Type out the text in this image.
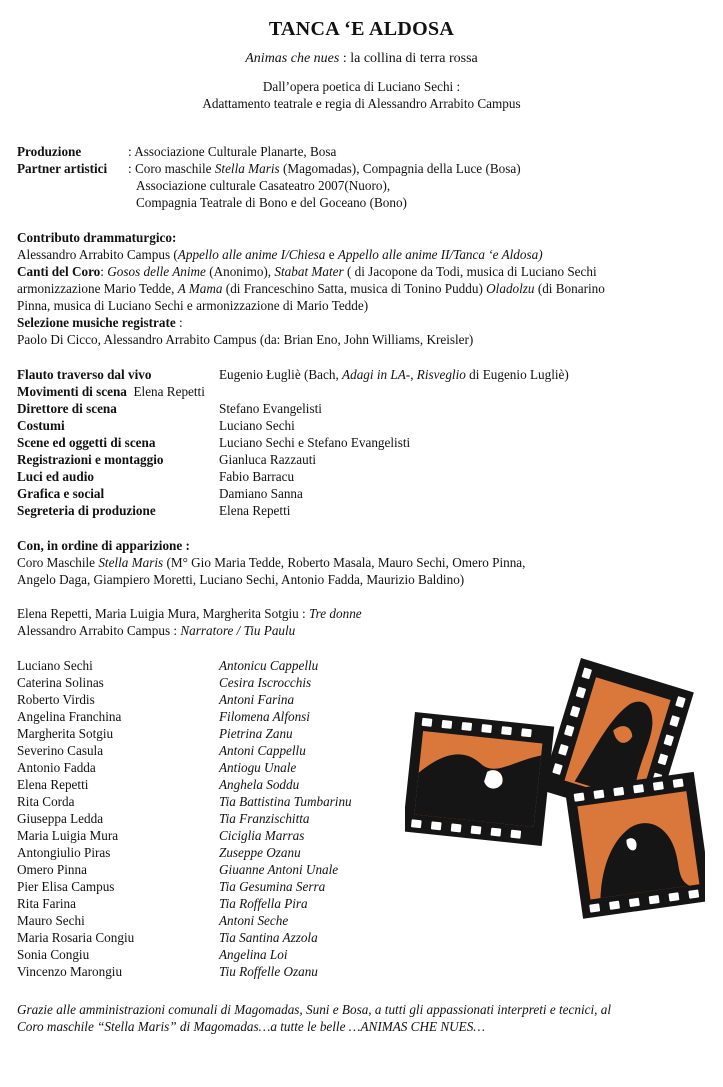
TANCA ‘E ALDOSA
Animas che nues : la collina di terra rossa
Dall’opera poetica di Luciano Sechi :
Adattamento teatrale e regia di Alessandro Arrabito Campus
Produzione	: Associazione Culturale Planarte, Bosa
Partner artistici : Coro maschile Stella Maris (Magomadas), Compagnia della Luce (Bosa)
Associazione culturale Casateatro 2007(Nuoro),
Compagnia Teatrale di Bono e del Goceano (Bono)
Contributo drammaturgico:
Alessandro Arrabito Campus (Appello alle anime I/Chiesa e Appello alle anime II/Tanca ‘e Aldosa)
Canti del Coro: Gosos delle Anime (Anonimo), Stabat Mater ( di Jacopone da Todi, musica di Luciano Sechi
armonizzazione Mario Tedde, A Mama (di Franceschino Satta, musica di Tonino Puddu) Oladolzu (di Bonarino
Pinna, musica di Luciano Sechi e armonizzazione di Mario Tedde)
Selezione musiche registrate :
Paolo Di Cicco, Alessandro Arrabito Campus (da: Brian Eno, John Williams, Kreisler)
Flauto traverso dal vivo	Eugenio Ługliè (Bach, Adagi in LA-, Risveglio di Eugenio Lugliè)
Movimenti di scena Elena Repetti
Direttore di scena	Stefano Evangelisti
Costumi	Luciano Sechi
Scene ed oggetti di scena	Luciano Sechi e Stefano Evangelisti
Registrazioni e montaggio	Gianluca Razzauti
Luci ed audio	Fabio Barracu
Grafica e social	Damiano Sanna
Segreteria di produzione	Elena Repetti
Con, in ordine di apparizione :
Coro Maschile Stella Maris (M° Gio Maria Tedde, Roberto Masala, Mauro Sechi, Omero Pinna,
Angelo Daga, Giampiero Moretti, Luciano Sechi, Antonio Fadda, Maurizio Baldino)
Elena Repetti, Maria Luigia Mura, Margherita Sotgiu : Tre donne
Alessandro Arrabito Campus : Narratore / Tiu Paulu
Luciano Sechi	Antonicu Cappellu
Caterina Solinas	Cesira Iscrocchis
Roberto Virdis	Antoni Farina
Angelina Franchina	Filomena Alfonsi
Margherita Sotgiu	Pietrina Zanu
Severino Casula	Antoni Cappellu
Antonio Fadda	Antiogu Unale
Elena Repetti	Anghela Soddu
Rita Corda	Tia Battistina Tumbarinu
Giuseppa Ledda	Tia Franzischitta
Maria Luigia Mura	Ciciglia Marras
Antongiulio Piras	Zuseppe Ozanu
Omero Pinna	Giuanne Antoni Unale
Pier Elisa Campus	Tia Gesumina Serra
Rita Farina	Tia Roffella Pira
Mauro Sechi	Antoni Seche
Maria Rosaria Congiu	Tia Santina Azzola
Sonia Congiu	Angelina Loi
Vincenzo Marongiu	Tiu Roffelle Ozanu
Grazie alle amministrazioni comunali di Magomadas, Suni e Bosa, a tutti gli appassionati interpreti e tecnici, al
Coro maschile “Stella Maris” di Magomadas…a tutte le belle …ANIMAS CHE NUES…
